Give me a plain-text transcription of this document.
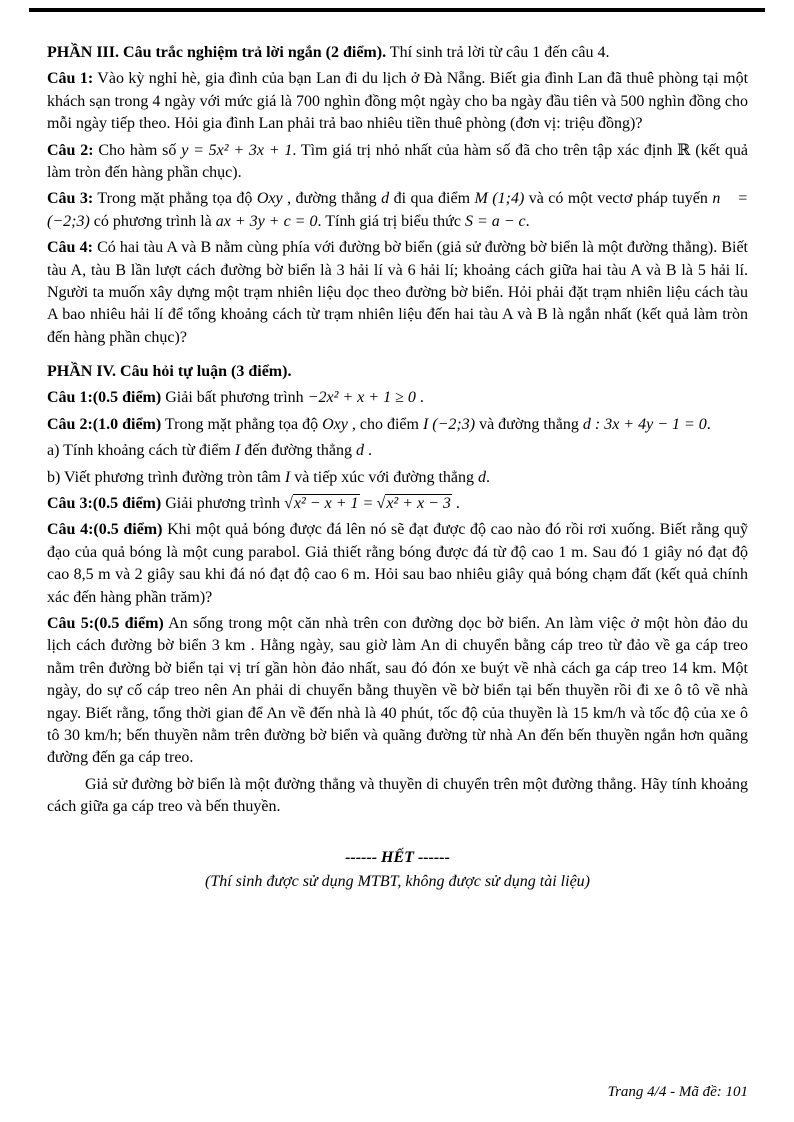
PHẦN III. Câu trắc nghiệm trả lời ngắn (2 điểm). Thí sinh trả lời từ câu 1 đến câu 4.

Câu 1: Vào kỳ nghỉ hè, gia đình của bạn Lan đi du lịch ở Đà Nẵng. Biết gia đình Lan đã thuê phòng tại một khách sạn trong 4 ngày với mức giá là 700 nghìn đồng một ngày cho ba ngày đầu tiên và 500 nghìn đồng cho mỗi ngày tiếp theo. Hỏi gia đình Lan phải trả bao nhiêu tiền thuê phòng (đơn vị: triệu đồng)?

Câu 2: Cho hàm số y = 5x² + 3x + 1. Tìm giá trị nhỏ nhất của hàm số đã cho trên tập xác định ℝ (kết quả làm tròn đến hàng phần chục).

Câu 3: Trong mặt phẳng tọa độ Oxy , đường thẳng d đi qua điểm M (1;4) và có một vectơ pháp tuyến n⃗ = (−2;3) có phương trình là ax + 3y + c = 0. Tính giá trị biểu thức S = a − c.

Câu 4: Có hai tàu A và B nằm cùng phía với đường bờ biển (giả sử đường bờ biển là một đường thẳng). Biết tàu A, tàu B lần lượt cách đường bờ biển là 3 hải lí và 6 hải lí; khoảng cách giữa hai tàu A và B là 5 hải lí. Người ta muốn xây dựng một trạm nhiên liệu dọc theo đường bờ biển. Hỏi phải đặt trạm nhiên liệu cách tàu A bao nhiêu hải lí để tổng khoảng cách từ trạm nhiên liệu đến hai tàu A và B là ngắn nhất (kết quả làm tròn đến hàng phần chục)?

PHẦN IV. Câu hỏi tự luận (3 điểm).

Câu 1:(0.5 điểm) Giải bất phương trình −2x² + x + 1 ≥ 0 .

Câu 2:(1.0 điểm) Trong mặt phẳng tọa độ Oxy , cho điểm I (−2;3) và đường thẳng d : 3x + 4y − 1 = 0.

a) Tính khoảng cách từ điểm I đến đường thẳng d .

b) Viết phương trình đường tròn tâm I và tiếp xúc với đường thẳng d.

Câu 3:(0.5 điểm) Giải phương trình √x² − x + 1 = √x² + x − 3 .

Câu 4:(0.5 điểm) Khi một quả bóng được đá lên nó sẽ đạt được độ cao nào đó rồi rơi xuống. Biết rằng quỹ đạo của quả bóng là một cung parabol. Giả thiết rằng bóng được đá từ độ cao 1 m. Sau đó 1 giây nó đạt độ cao 8,5 m và 2 giây sau khi đá nó đạt độ cao 6 m. Hỏi sau bao nhiêu giây quả bóng chạm đất (kết quả chính xác đến hàng phần trăm)?

Câu 5:(0.5 điểm) An sống trong một căn nhà trên con đường dọc bờ biển. An làm việc ở một hòn đảo du lịch cách đường bờ biển 3 km . Hằng ngày, sau giờ làm An di chuyển bằng cáp treo từ đảo về ga cáp treo nằm trên đường bờ biển tại vị trí gần hòn đảo nhất, sau đó đón xe buýt về nhà cách ga cáp treo 14 km. Một ngày, do sự cố cáp treo nên An phải di chuyển bằng thuyền về bờ biển tại bến thuyền rồi đi xe ô tô về nhà ngay. Biết rằng, tổng thời gian để An về đến nhà là 40 phút, tốc độ của thuyền là 15 km/h và tốc độ của xe ô tô 30 km/h; bến thuyền nằm trên đường bờ biển và quãng đường từ nhà An đến bến thuyền ngắn hơn quãng đường đến ga cáp treo.

Giả sử đường bờ biển là một đường thẳng và thuyền di chuyển trên một đường thẳng. Hãy tính khoảng cách giữa ga cáp treo và bến thuyền.

------ HẾT ------

(Thí sinh được sử dụng MTBT, không được sử dụng tài liệu)

Trang 4/4 - Mã đề: 101
